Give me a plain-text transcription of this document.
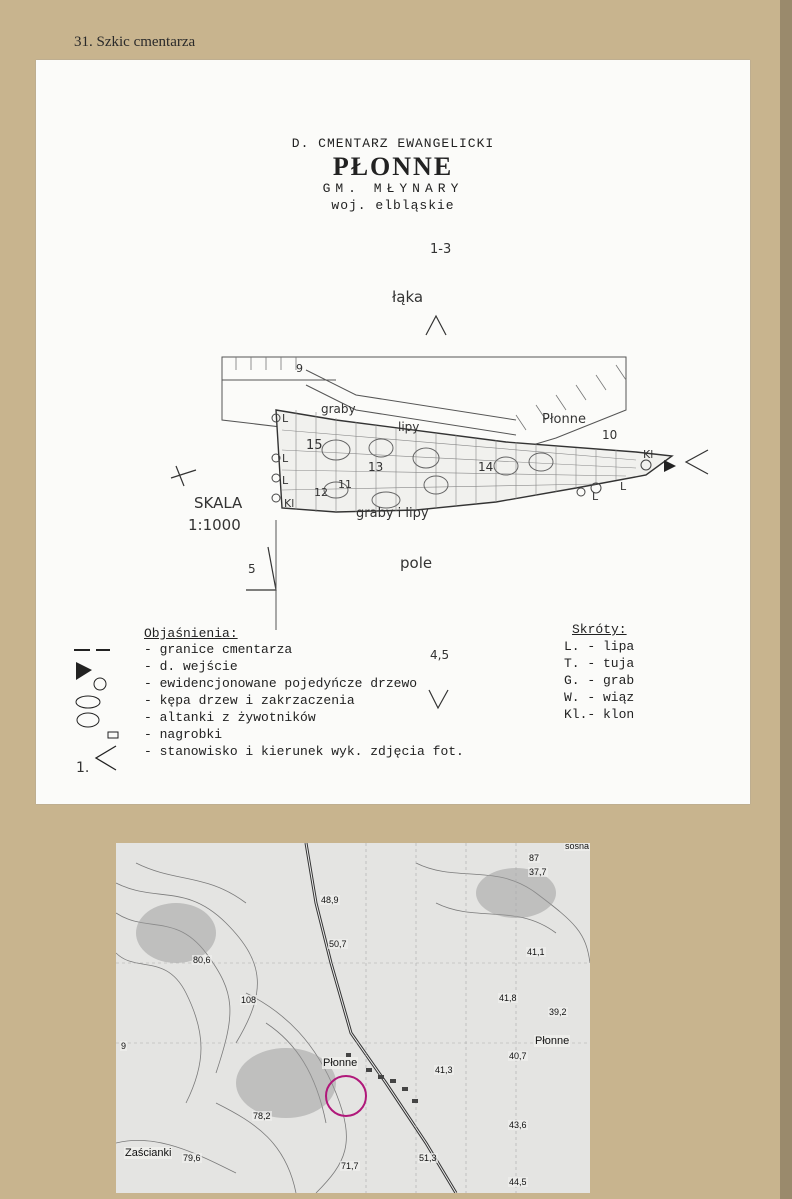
31. Szkic cmentarza
D. CMENTARZ EWANGELICKI
PŁONNE
GM. MŁYNARY
woj. elbląskie
1-3
łąka
9
graby
lipy	Płonne
10
15
13	14
12
11
Kl
Kl
graby i lipy
SKALA
1:1000
5	pole
4,5
L
L
L	L
L
Objaśnienia:
1.
- granice cmentarza
- d. wejście
- ewidencjonowane pojedyńcze drzewo
- kępa drzew i zakrzaczenia
- altanki z żywotników
- nagrobki
- stanowisko i kierunek wyk. zdjęcia fot.
Skróty:
L. - lipa
T. - tuja
G. - grab
W. - wiąz
Kl.- klon
sosna
87
37,7
48,9
50,7
80,6
41,1
41,8
39,2
40,7
41,3
78,2
43,6
51,3
71,7
44,5
79,6
108
9
Płonne
Płonne
Zaścianki
